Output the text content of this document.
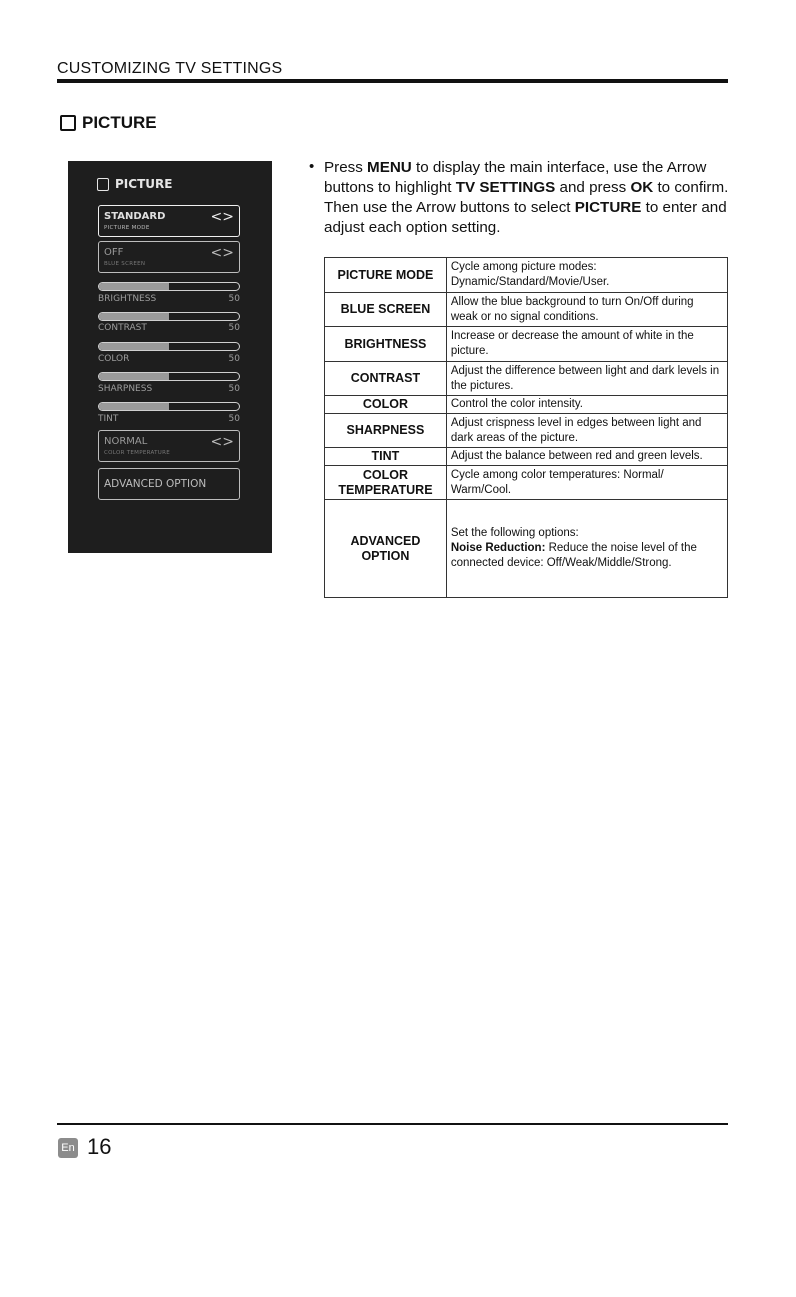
CUSTOMIZING TV SETTINGS
PICTURE
PICTURE
STANDARD
PICTURE MODE
<>
OFF
BLUE SCREEN
<>
BRIGHTNESS	50
CONTRAST	50
COLOR	50
SHARPNESS	50
TINT	50
NORMAL
COLOR TEMPERATURE
<>
ADVANCED OPTION
• Press MENU to display the main interface, use the Arrow buttons to highlight TV SETTINGS and press OK to confirm. Then use the Arrow buttons to select PICTURE to enter and adjust each option setting.
PICTURE MODE	Cycle among picture modes: Dynamic/Standard/Movie/User.
BLUE SCREEN	Allow the blue background to turn On/Off during weak or no signal conditions.
BRIGHTNESS	Increase or decrease the amount of white in the picture.
CONTRAST	Adjust the difference between light and dark levels in the pictures.
COLOR	Control the color intensity.
SHARPNESS	Adjust crispness level in edges between light and dark areas of the picture.
TINT	Adjust the balance between red and green levels.
COLOR TEMPERATURE	Cycle among color temperatures: Normal/ Warm/Cool.
ADVANCED OPTION	Set the following options:
Noise Reduction: Reduce the noise level of the connected device: Off/Weak/Middle/Strong.
En 16
